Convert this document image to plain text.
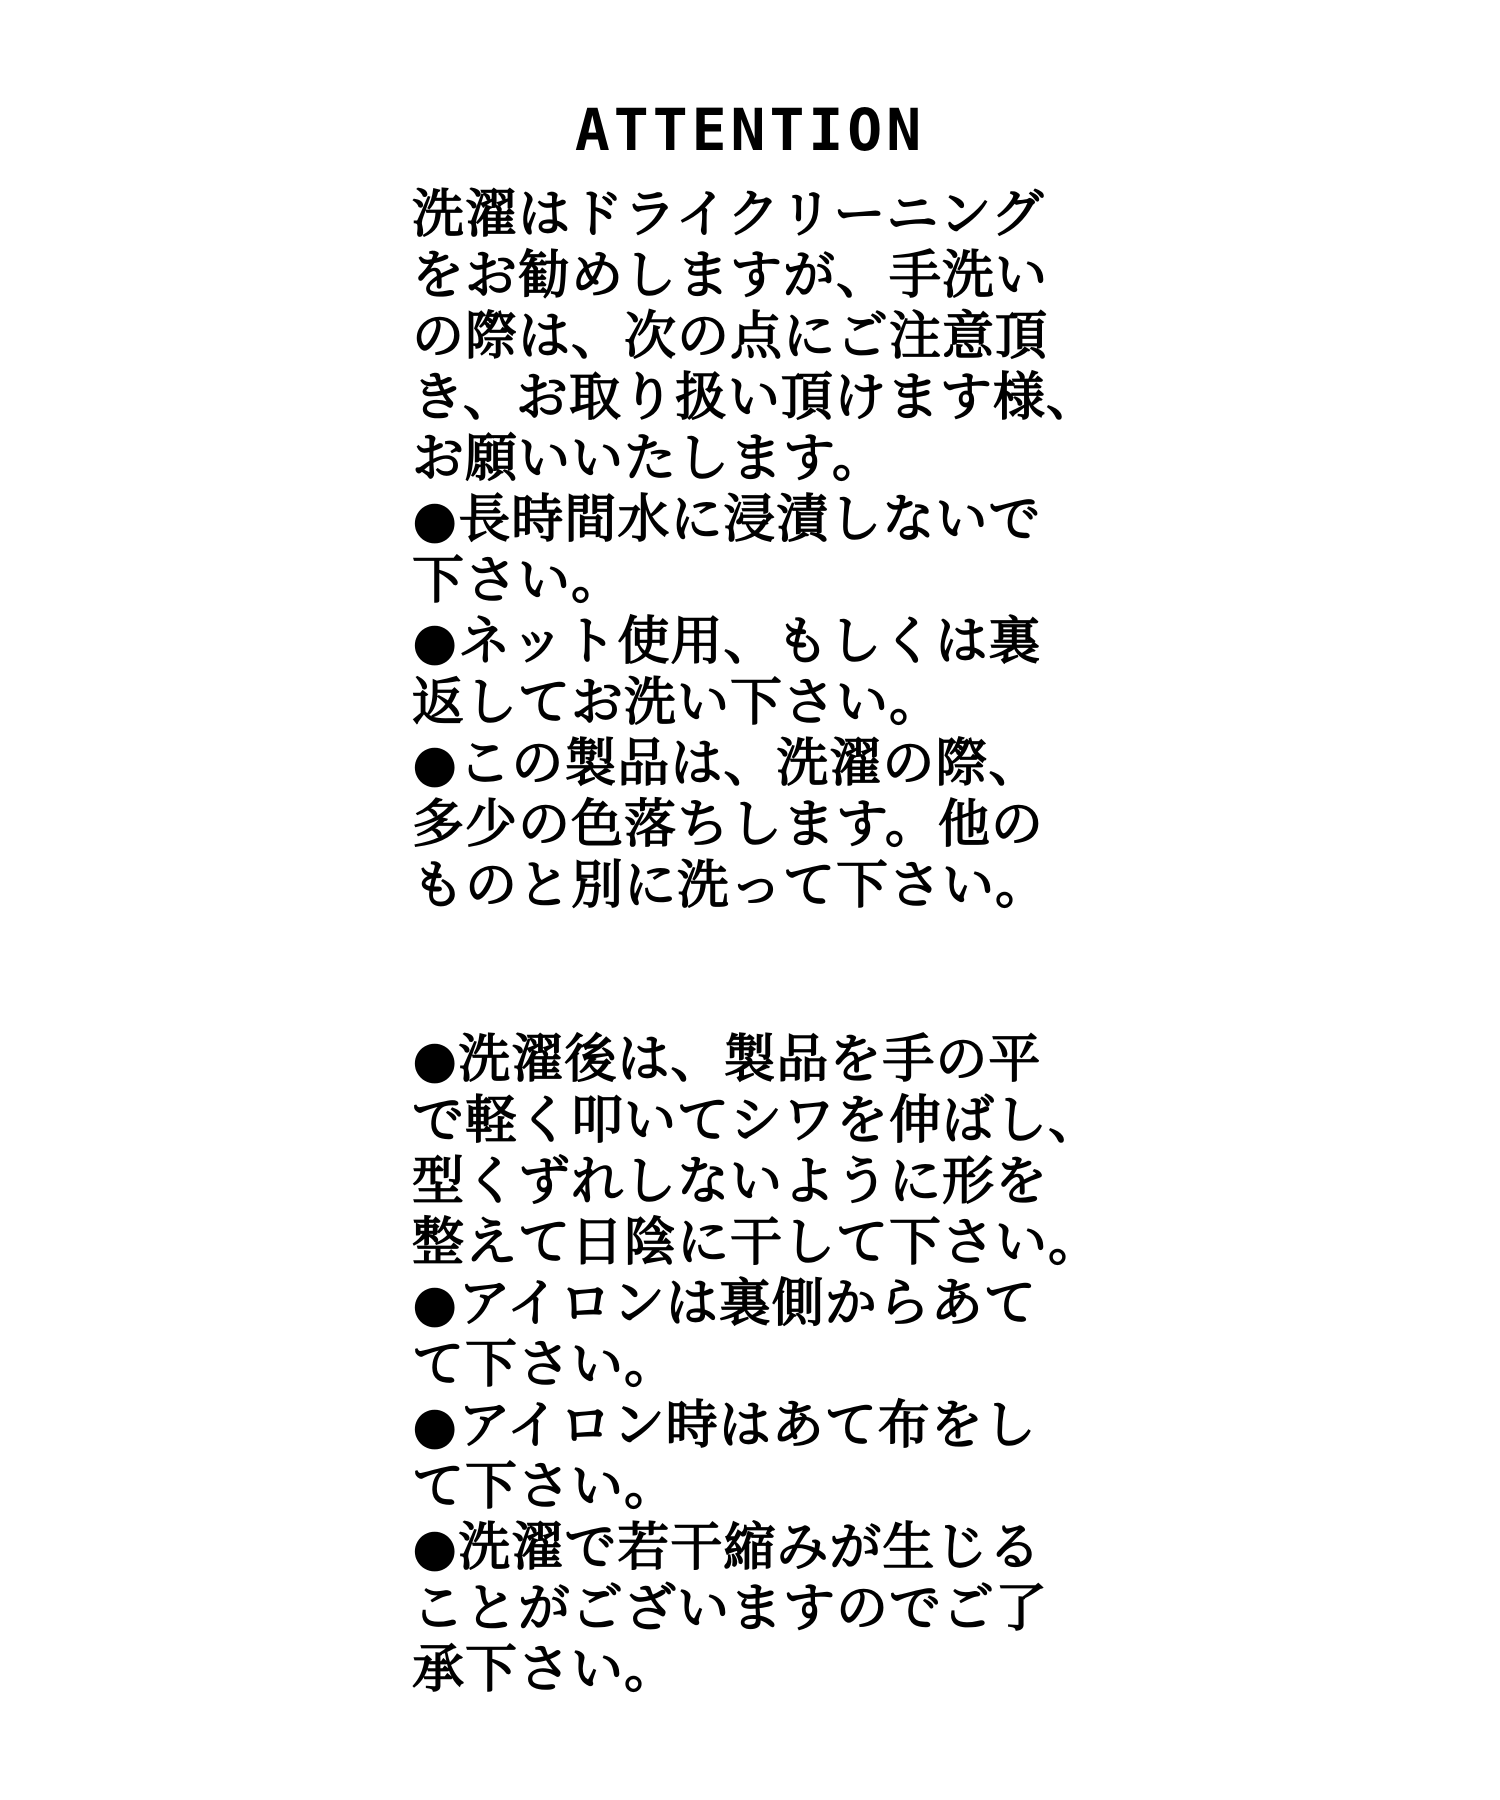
ATTENTION
洗濯はドライクリーニング
をお勧めしますが、手洗い
の際は、次の点にご注意頂
き、お取り扱い頂けます様、
お願いいたします。
●長時間水に浸漬しないで
下さい。
●ネット使用、もしくは裏
返してお洗い下さい。
●この製品は、洗濯の際、
多少の色落ちします。他の
ものと別に洗って下さい。
●洗濯後は、製品を手の平
で軽く叩いてシワを伸ばし、
型くずれしないように形を
整えて日陰に干して下さい。
●アイロンは裏側からあて
て下さい。
●アイロン時はあて布をし
て下さい。
●洗濯で若干縮みが生じる
ことがございますのでご了
承下さい。
